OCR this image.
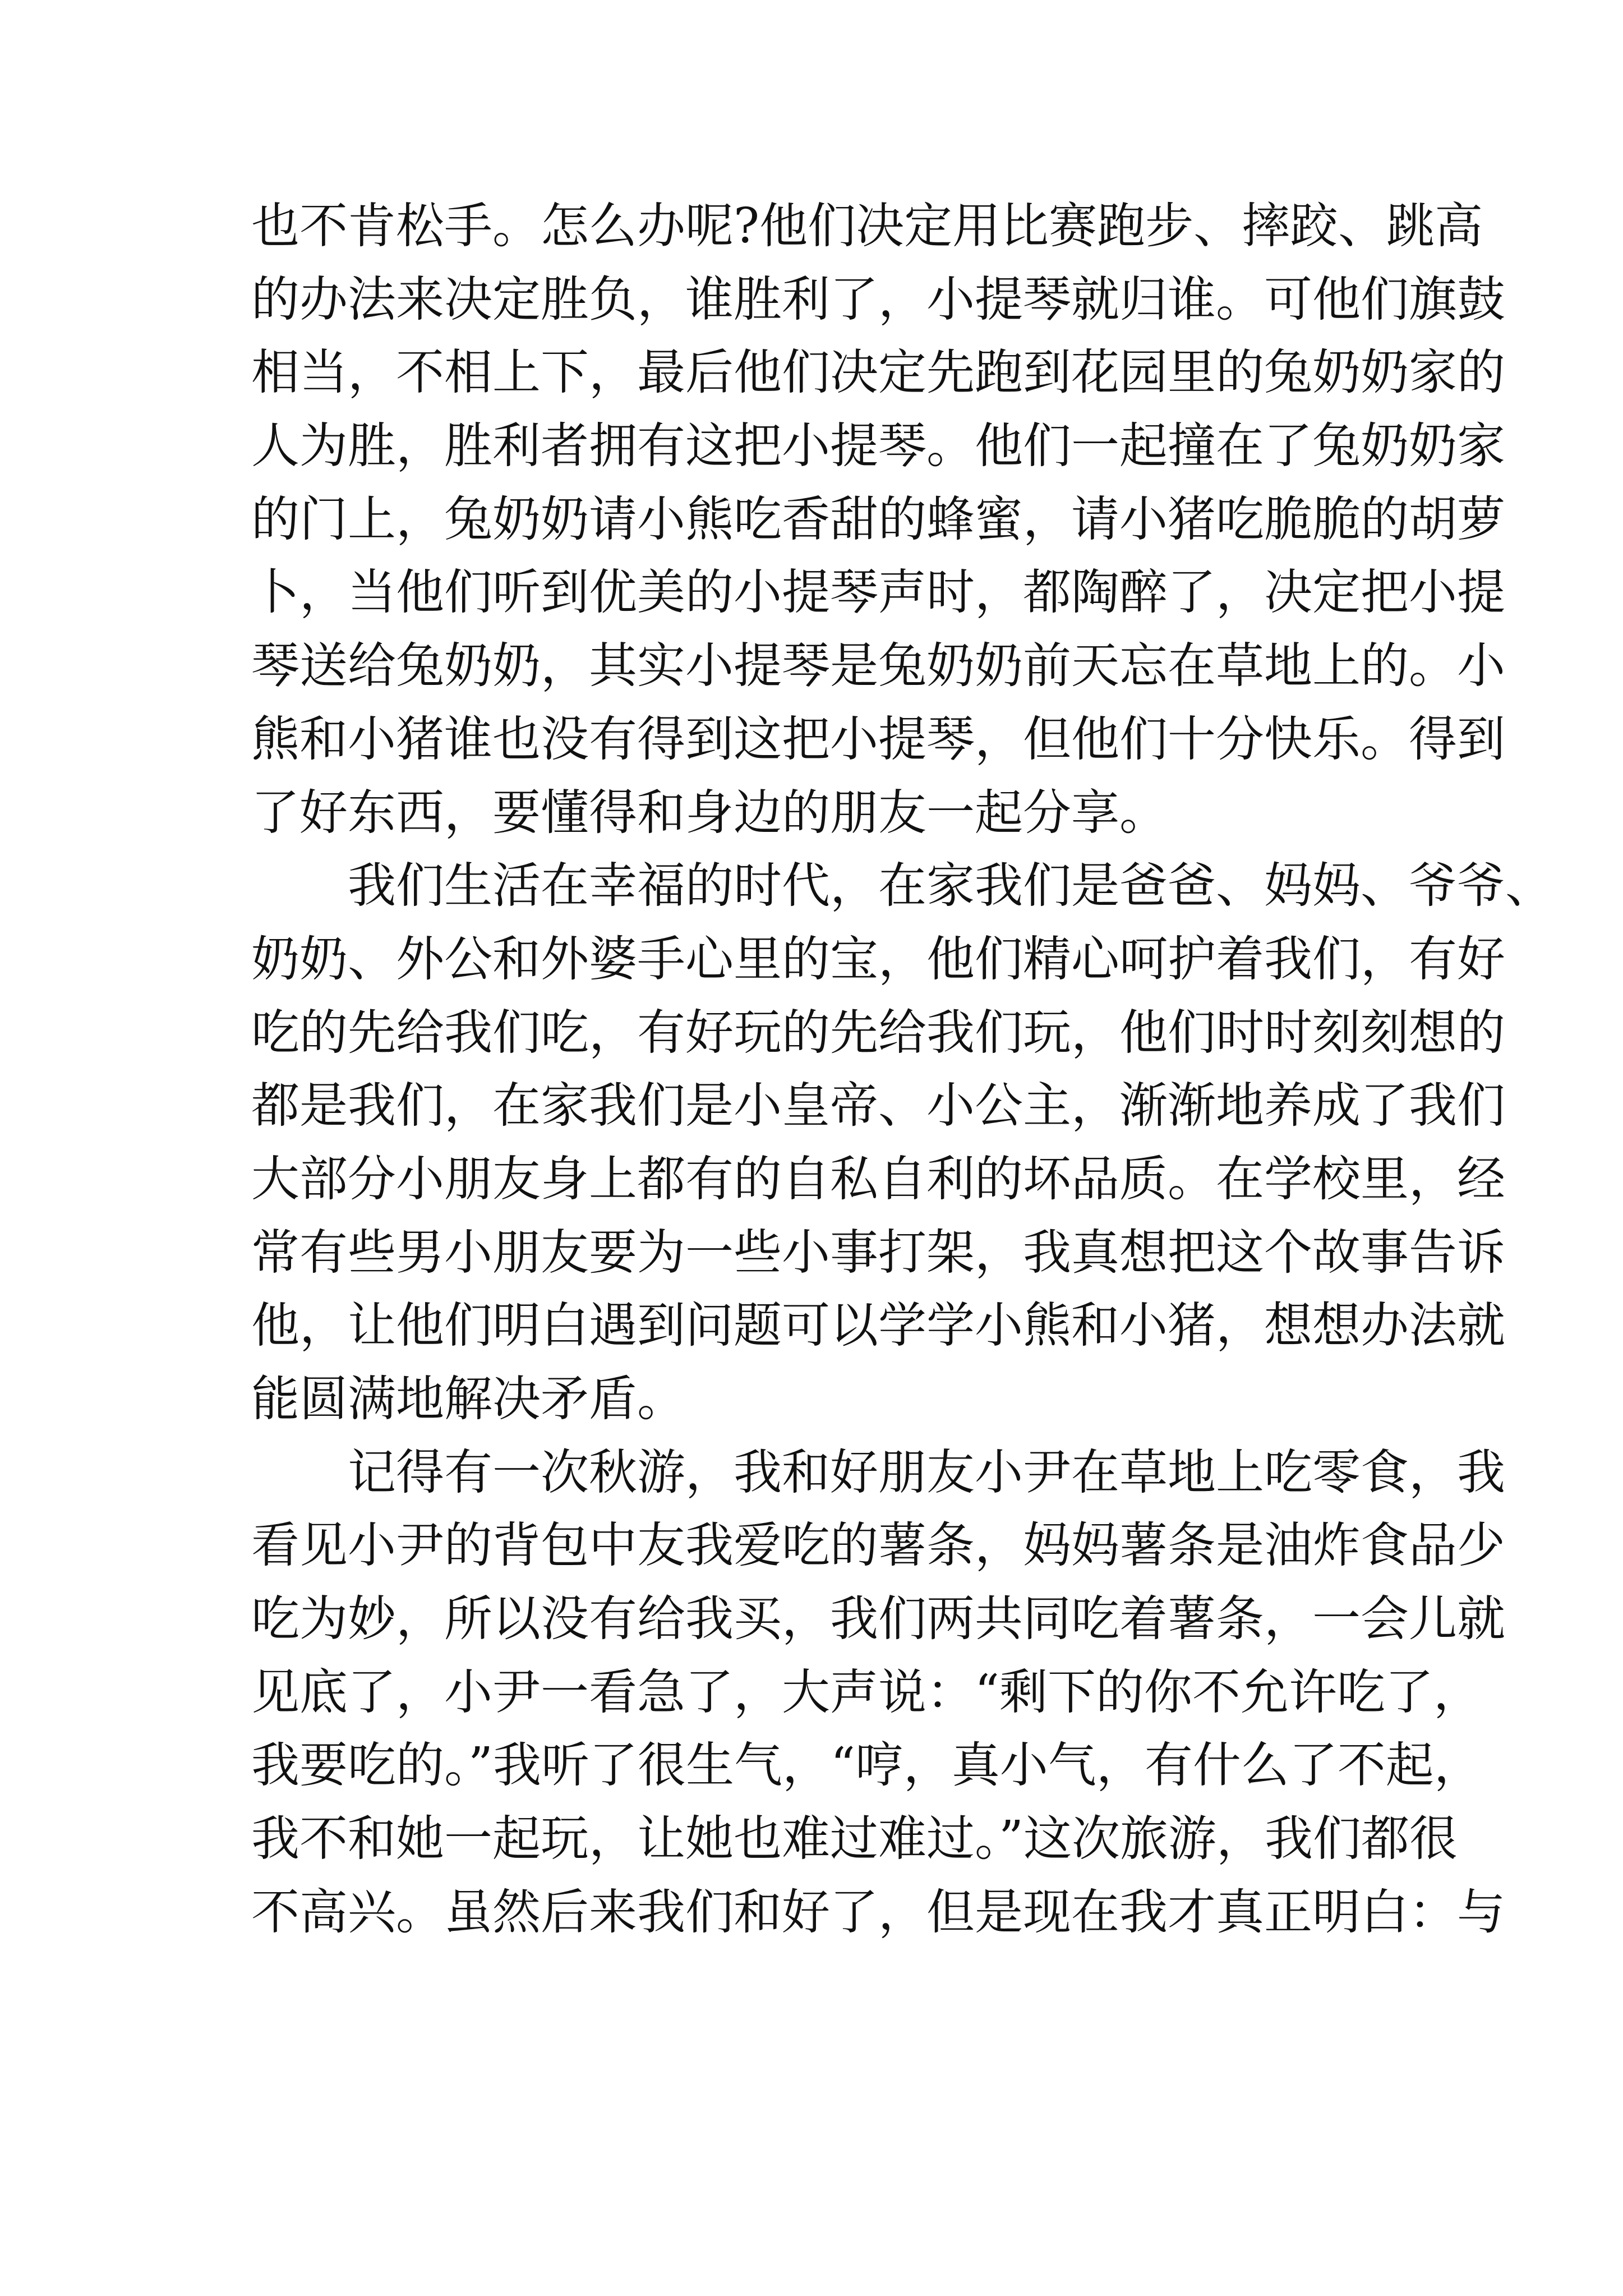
也不肯松手。怎么办呢?他们决定用比赛跑步、摔跤、跳高
的办法来决定胜负，谁胜利了，小提琴就归谁。可他们旗鼓
相当，不相上下，最后他们决定先跑到花园里的兔奶奶家的
人为胜，胜利者拥有这把小提琴。他们一起撞在了兔奶奶家
的门上，兔奶奶请小熊吃香甜的蜂蜜，请小猪吃脆脆的胡萝
卜，当他们听到优美的小提琴声时，都陶醉了，决定把小提
琴送给兔奶奶，其实小提琴是兔奶奶前天忘在草地上的。小
熊和小猪谁也没有得到这把小提琴，但他们十分快乐。得到
了好东西，要懂得和身边的朋友一起分享。
　　我们生活在幸福的时代，在家我们是爸爸、妈妈、爷爷、
奶奶、外公和外婆手心里的宝，他们精心呵护着我们，有好
吃的先给我们吃，有好玩的先给我们玩，他们时时刻刻想的
都是我们，在家我们是小皇帝、小公主，渐渐地养成了我们
大部分小朋友身上都有的自私自利的坏品质。在学校里，经
常有些男小朋友要为一些小事打架，我真想把这个故事告诉
他，让他们明白遇到问题可以学学小熊和小猪，想想办法就
能圆满地解决矛盾。
　　记得有一次秋游，我和好朋友小尹在草地上吃零食，我
看见小尹的背包中友我爱吃的薯条，妈妈薯条是油炸食品少
吃为妙，所以没有给我买，我们两共同吃着薯条，一会儿就
见底了，小尹一看急了，大声说：“剩下的你不允许吃了，
我要吃的。”我听了很生气，“哼，真小气，有什么了不起，
我不和她一起玩，让她也难过难过。”这次旅游，我们都很
不高兴。虽然后来我们和好了，但是现在我才真正明白：与
